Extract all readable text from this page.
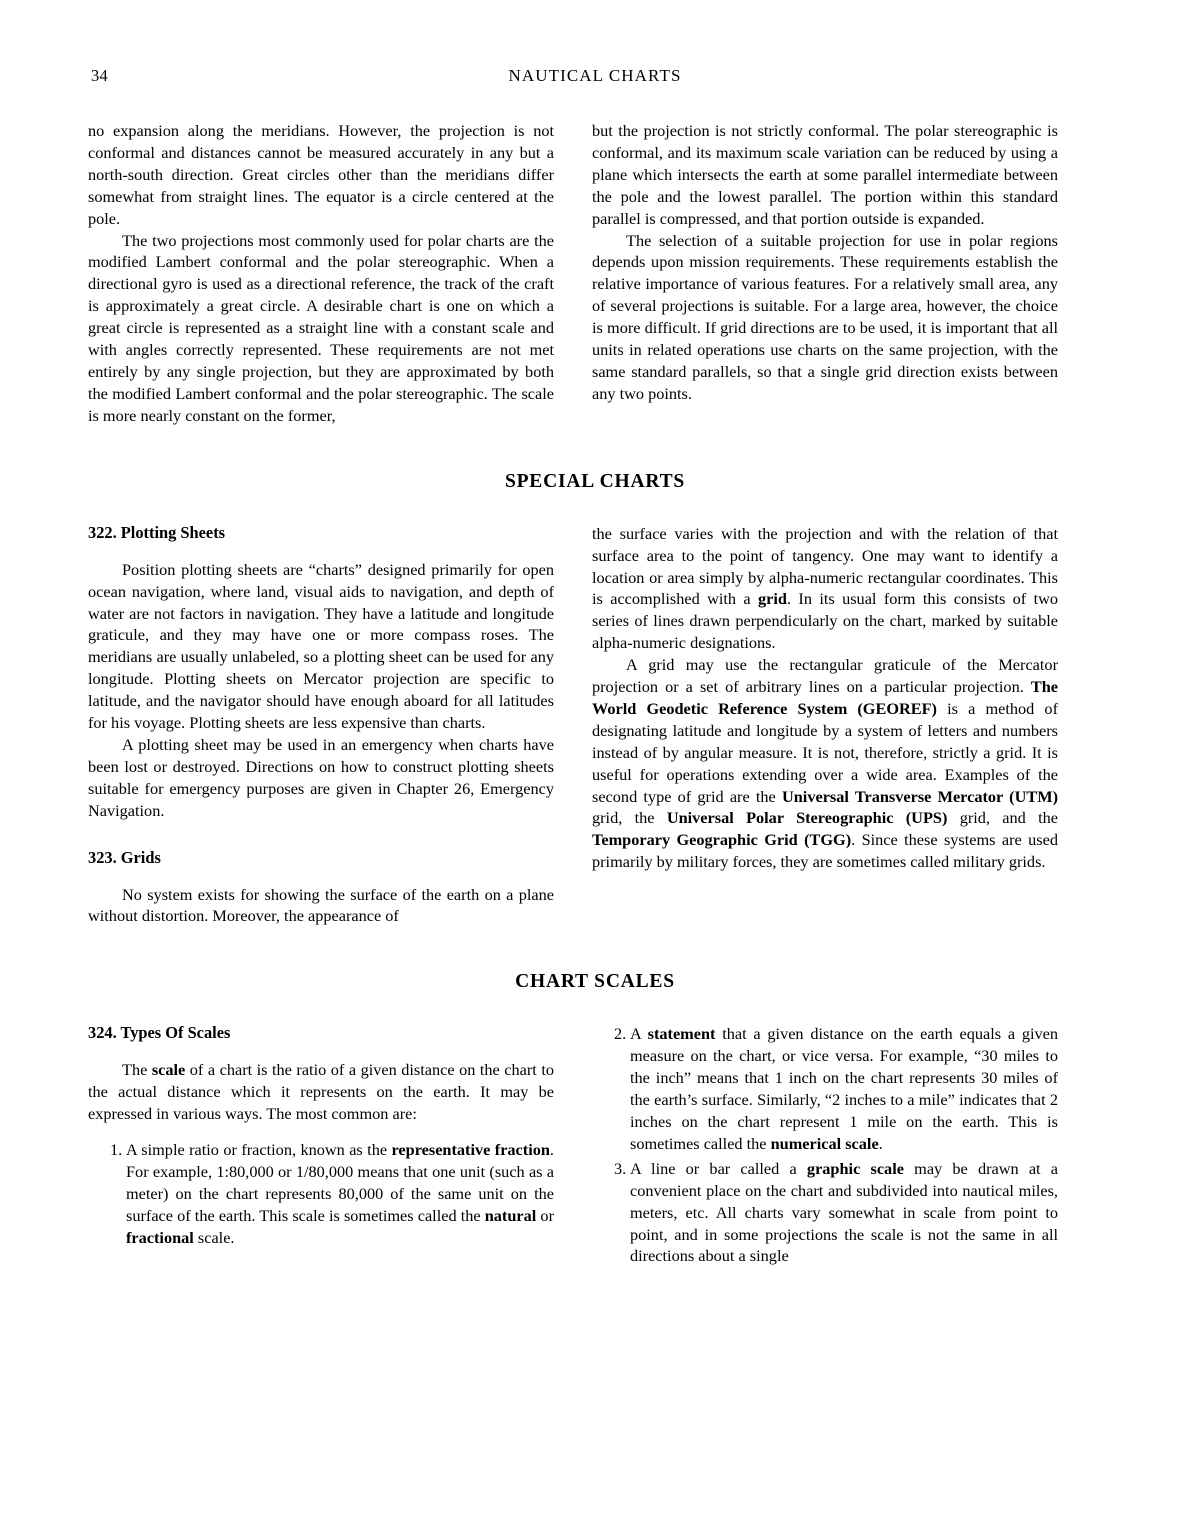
34	NAUTICAL CHARTS

no expansion along the meridians. However, the projection is not conformal and distances cannot be measured accurately in any but a north-south direction. Great circles other than the meridians differ somewhat from straight lines. The equator is a circle centered at the pole.

The two projections most commonly used for polar charts are the modified Lambert conformal and the polar stereographic. When a directional gyro is used as a directional reference, the track of the craft is approximately a great circle. A desirable chart is one on which a great circle is represented as a straight line with a constant scale and with angles correctly represented. These requirements are not met entirely by any single projection, but they are approximated by both the modified Lambert conformal and the polar stereographic. The scale is more nearly constant on the former,

but the projection is not strictly conformal. The polar stereographic is conformal, and its maximum scale variation can be reduced by using a plane which intersects the earth at some parallel intermediate between the pole and the lowest parallel. The portion within this standard parallel is compressed, and that portion outside is expanded.

The selection of a suitable projection for use in polar regions depends upon mission requirements. These requirements establish the relative importance of various features. For a relatively small area, any of several projections is suitable. For a large area, however, the choice is more difficult. If grid directions are to be used, it is important that all units in related operations use charts on the same projection, with the same standard parallels, so that a single grid direction exists between any two points.

SPECIAL CHARTS
322. Plotting Sheets

Position plotting sheets are “charts” designed primarily for open ocean navigation, where land, visual aids to navigation, and depth of water are not factors in navigation. They have a latitude and longitude graticule, and they may have one or more compass roses. The meridians are usually unlabeled, so a plotting sheet can be used for any longitude. Plotting sheets on Mercator projection are specific to latitude, and the navigator should have enough aboard for all latitudes for his voyage. Plotting sheets are less expensive than charts.

A plotting sheet may be used in an emergency when charts have been lost or destroyed. Directions on how to construct plotting sheets suitable for emergency purposes are given in Chapter 26, Emergency Navigation.

323. Grids

No system exists for showing the surface of the earth on a plane without distortion. Moreover, the appearance of

the surface varies with the projection and with the relation of that surface area to the point of tangency. One may want to identify a location or area simply by alpha-numeric rectangular coordinates. This is accomplished with a grid. In its usual form this consists of two series of lines drawn perpendicularly on the chart, marked by suitable alpha-numeric designations.

A grid may use the rectangular graticule of the Mercator projection or a set of arbitrary lines on a particular projection. The World Geodetic Reference System (GEOREF) is a method of designating latitude and longitude by a system of letters and numbers instead of by angular measure. It is not, therefore, strictly a grid. It is useful for operations extending over a wide area. Examples of the second type of grid are the Universal Transverse Mercator (UTM) grid, the Universal Polar Stereographic (UPS) grid, and the Temporary Geographic Grid (TGG). Since these systems are used primarily by military forces, they are sometimes called military grids.

CHART SCALES
324. Types Of Scales

The scale of a chart is the ratio of a given distance on the chart to the actual distance which it represents on the earth. It may be expressed in various ways. The most common are:

1. A simple ratio or fraction, known as the representative fraction. For example, 1:80,000 or 1/80,000 means that one unit (such as a meter) on the chart represents 80,000 of the same unit on the surface of the earth. This scale is sometimes called the natural or fractional scale.
2. A statement that a given distance on the earth equals a given measure on the chart, or vice versa. For example, “30 miles to the inch” means that 1 inch on the chart represents 30 miles of the earth’s surface. Similarly, “2 inches to a mile” indicates that 2 inches on the chart represent 1 mile on the earth. This is sometimes called the numerical scale.
3. A line or bar called a graphic scale may be drawn at a convenient place on the chart and subdivided into nautical miles, meters, etc. All charts vary somewhat in scale from point to point, and in some projections the scale is not the same in all directions about a single
